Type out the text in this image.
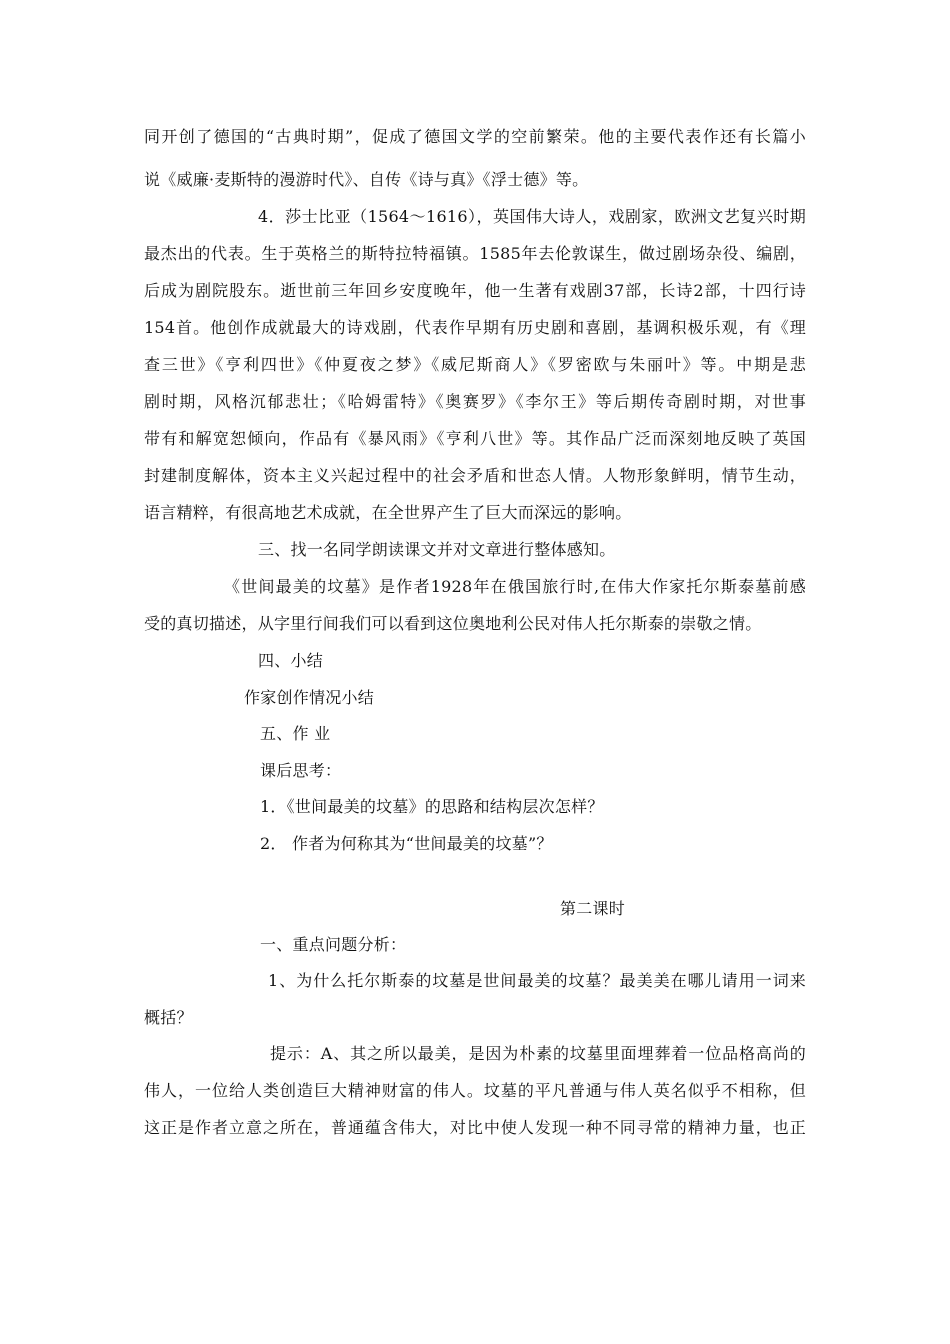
同开创了德国的“古典时期”，促成了德国文学的空前繁荣。他的主要代表作还有长篇小
说《威廉·麦斯特的漫游时代》、自传《诗与真》《浮士德》等。
4．莎士比亚（1564～1616），英国伟大诗人，戏剧家，欧洲文艺复兴时期
最杰出的代表。生于英格兰的斯特拉特福镇。1585年去伦敦谋生，做过剧场杂役、编剧，
后成为剧院股东。逝世前三年回乡安度晚年，他一生著有戏剧37部，长诗2部，十四行诗
154首。他创作成就最大的诗戏剧，代表作早期有历史剧和喜剧，基调积极乐观，有《理
查三世》《亨利四世》《仲夏夜之梦》《威尼斯商人》《罗密欧与朱丽叶》等。中期是悲
剧时期，风格沉郁悲壮；《哈姆雷特》《奥赛罗》《李尔王》等后期传奇剧时期，对世事
带有和解宽恕倾向，作品有《暴风雨》《亨利八世》等。其作品广泛而深刻地反映了英国
封建制度解体，资本主义兴起过程中的社会矛盾和世态人情。人物形象鲜明，情节生动，
语言精粹，有很高地艺术成就，在全世界产生了巨大而深远的影响。
三、找一名同学朗读课文并对文章进行整体感知。
《世间最美的坟墓》是作者1928年在俄国旅行时,在伟大作家托尔斯泰墓前感
受的真切描述，从字里行间我们可以看到这位奥地利公民对伟人托尔斯泰的崇敬之情。
四、小结
作家创作情况小结
五、作 业
课后思考：
1．《世间最美的坟墓》的思路和结构层次怎样？
2． 作者为何称其为“世间最美的坟墓”？
第二课时
一、重点问题分析：
1、为什么托尔斯泰的坟墓是世间最美的坟墓？最美美在哪儿请用一词来
概括？
提示：A、其之所以最美，是因为朴素的坟墓里面埋葬着一位品格高尚的
伟人，一位给人类创造巨大精神财富的伟人。坟墓的平凡普通与伟人英名似乎不相称，但
这正是作者立意之所在，普通蕴含伟大，对比中使人发现一种不同寻常的精神力量，也正
